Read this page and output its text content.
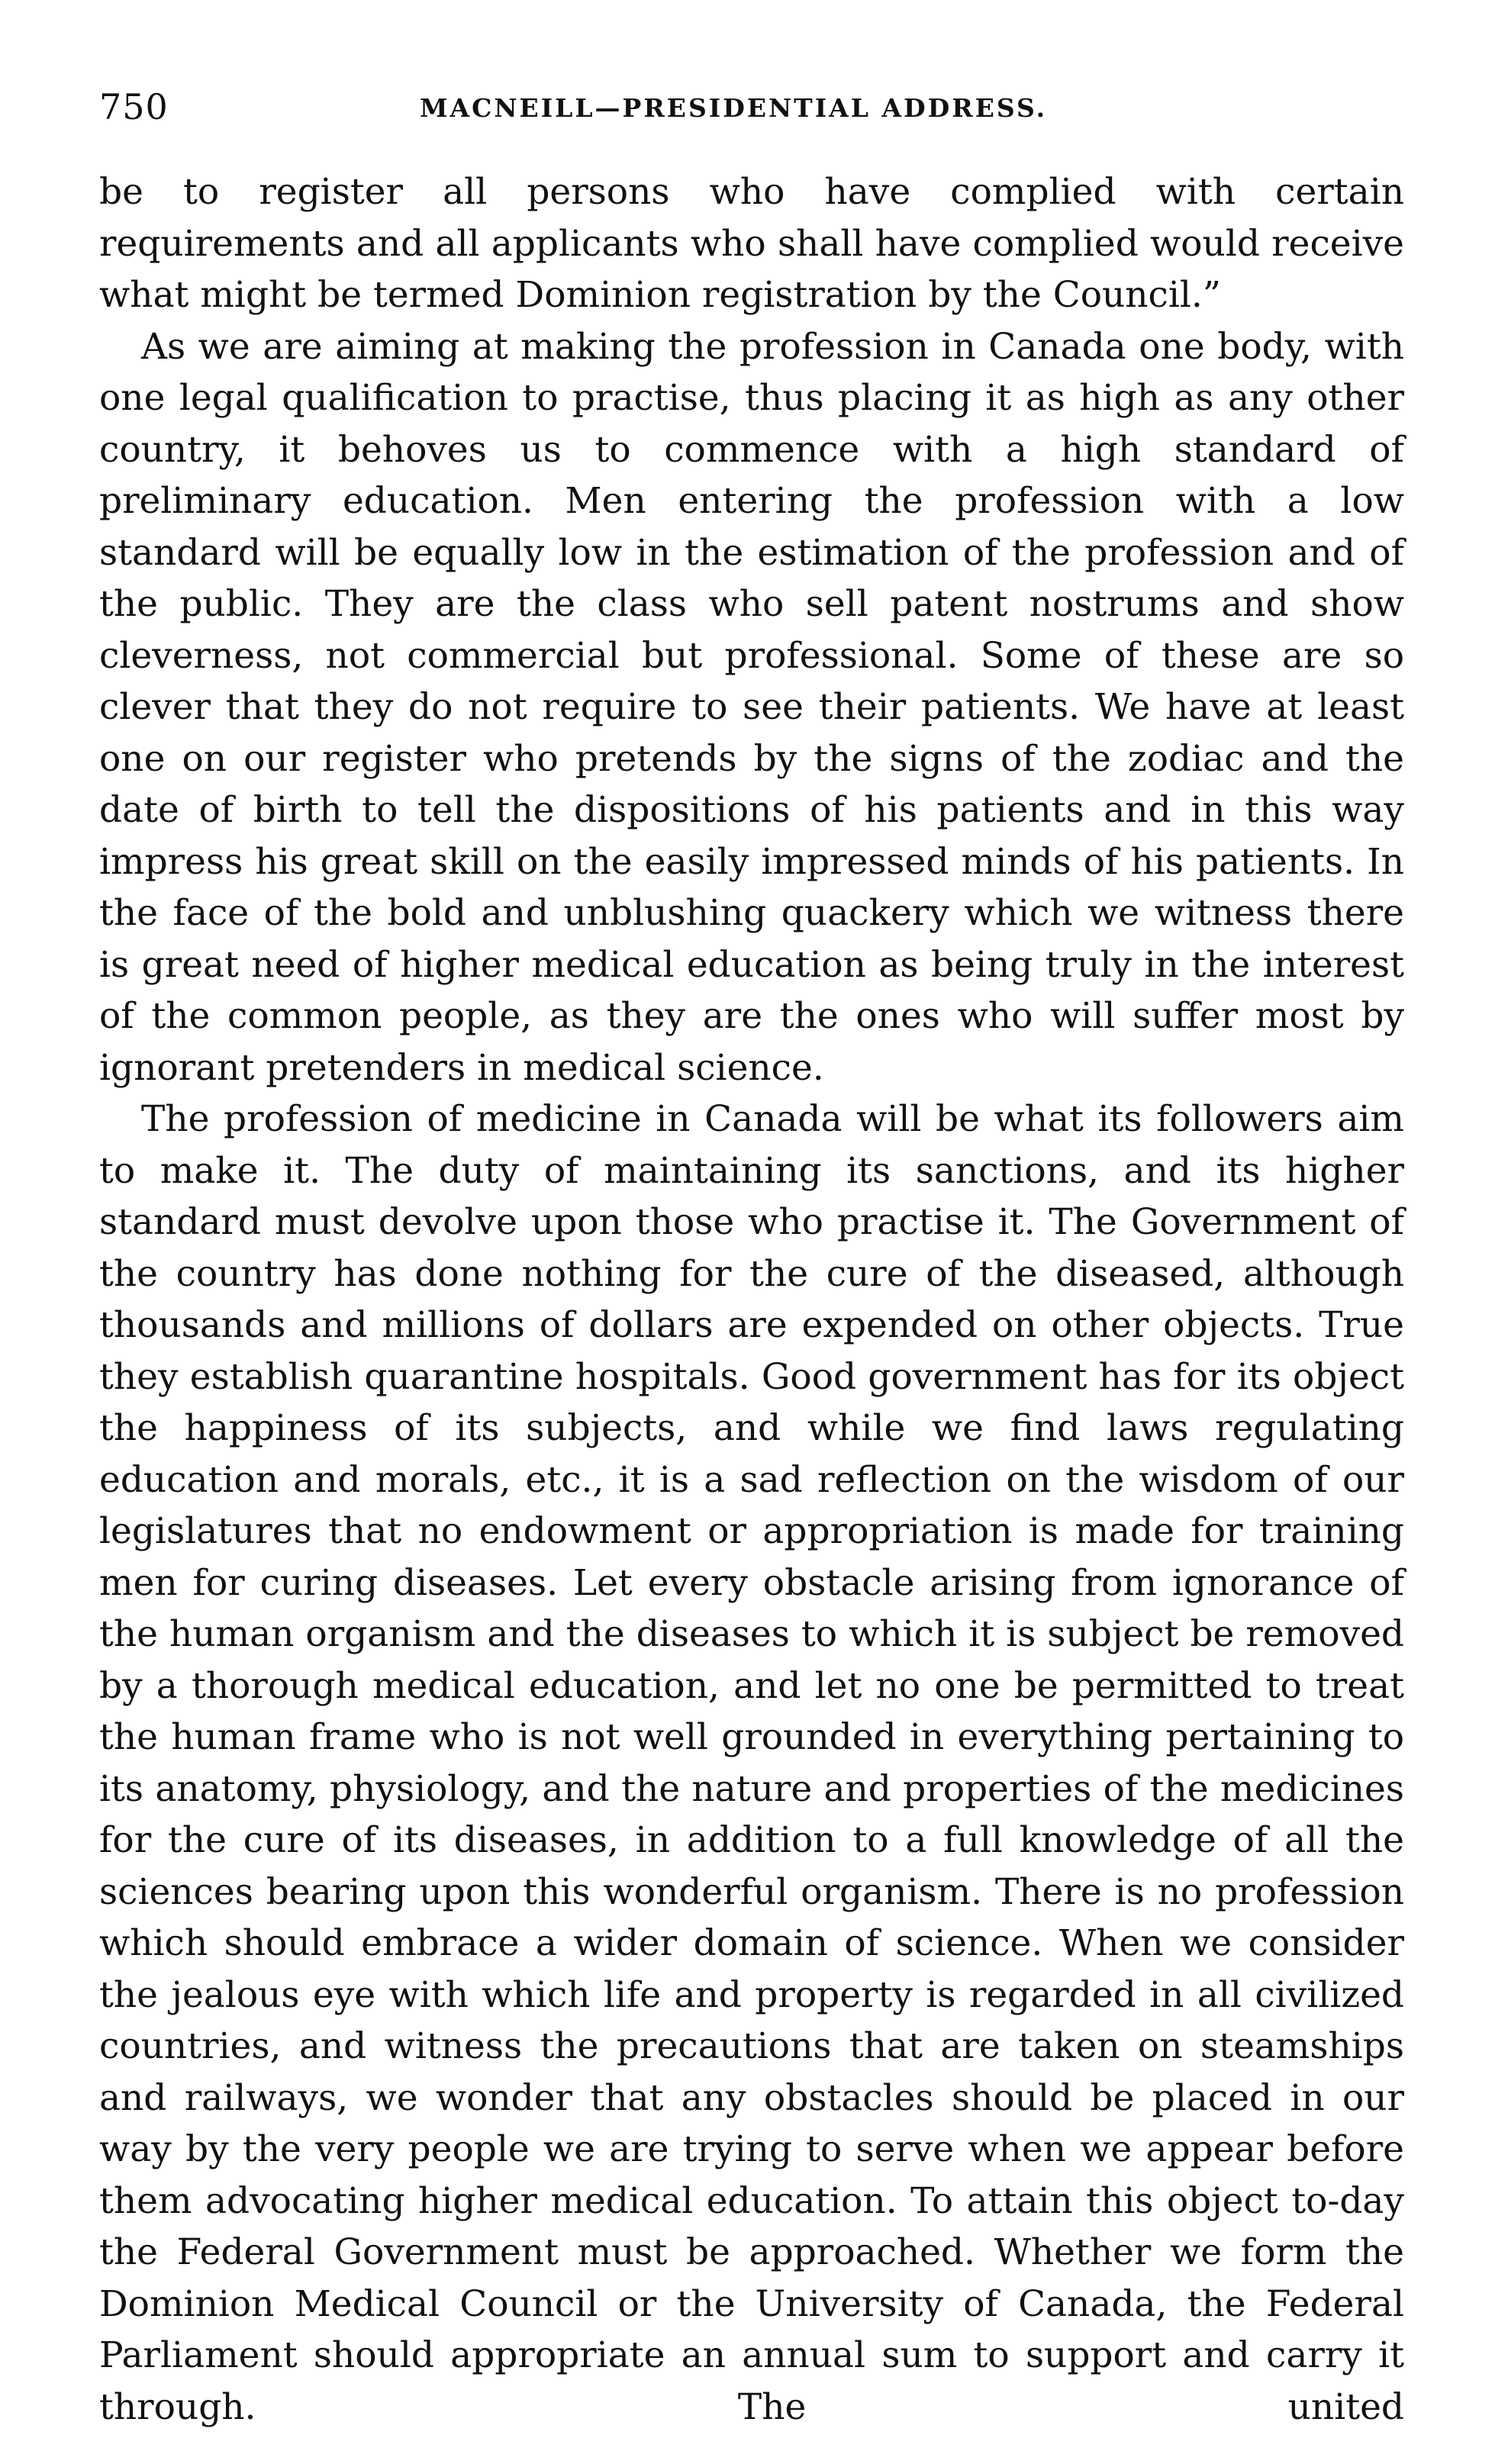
750	MACNEILL—PRESIDENTIAL ADDRESS.

be to register all persons who have complied with certain requirements and all applicants who shall have complied would receive what might be termed Dominion registration by the Council.”

As we are aiming at making the profession in Canada one body, with one legal qualification to practise, thus placing it as high as any other country, it behoves us to commence with a high standard of preliminary education. Men entering the profession with a low standard will be equally low in the estimation of the profession and of the public. They are the class who sell patent nostrums and show cleverness, not commercial but professional. Some of these are so clever that they do not require to see their patients. We have at least one on our register who pretends by the signs of the zodiac and the date of birth to tell the dispositions of his patients and in this way impress his great skill on the easily impressed minds of his patients. In the face of the bold and unblushing quackery which we witness there is great need of higher medical education as being truly in the interest of the common people, as they are the ones who will suffer most by ignorant pretenders in medical science.

The profession of medicine in Canada will be what its followers aim to make it. The duty of maintaining its sanctions, and its higher standard must devolve upon those who practise it. The Government of the country has done nothing for the cure of the diseased, although thousands and millions of dollars are expended on other objects. True they establish quarantine hospitals. Good government has for its object the happiness of its subjects, and while we find laws regulating education and morals, etc., it is a sad reflection on the wisdom of our legislatures that no endowment or appropriation is made for training men for curing diseases. Let every obstacle arising from ignorance of the human organism and the diseases to which it is subject be removed by a thorough medical education, and let no one be permitted to treat the human frame who is not well grounded in everything pertaining to its anatomy, physiology, and the nature and properties of the medicines for the cure of its diseases, in addition to a full knowledge of all the sciences bearing upon this wonderful organism. There is no profession which should embrace a wider domain of science. When we consider the jealous eye with which life and property is regarded in all civilized countries, and witness the precautions that are taken on steamships and railways, we wonder that any obstacles should be placed in our way by the very people we are trying to serve when we appear before them advocating higher medical education. To attain this object to-day the Federal Government must be approached. Whether we form the Dominion Medical Council or the University of Canada, the Federal Parliament should appropriate an annual sum to support and carry it through. The united
